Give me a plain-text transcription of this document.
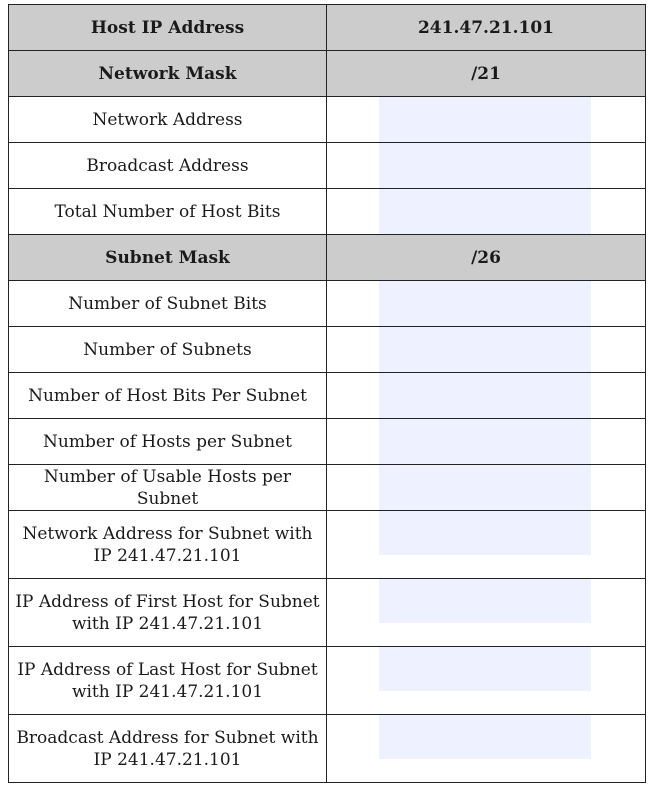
Host IP Address	241.47.21.101
Network Mask	/21

Network Address	

Broadcast Address	

Total Number of Host Bits	

Subnet Mask	/26

Number of Subnet Bits	

Number of Subnets	

Number of Host Bits Per Subnet	

Number of Hosts per Subnet	

Number of Usable Hosts per Subnet	

Network Address for Subnet with IP 241.47.21.101	

IP Address of First Host for Subnet with IP 241.47.21.101	

IP Address of Last Host for Subnet with IP 241.47.21.101	

Broadcast Address for Subnet with IP 241.47.21.101	
